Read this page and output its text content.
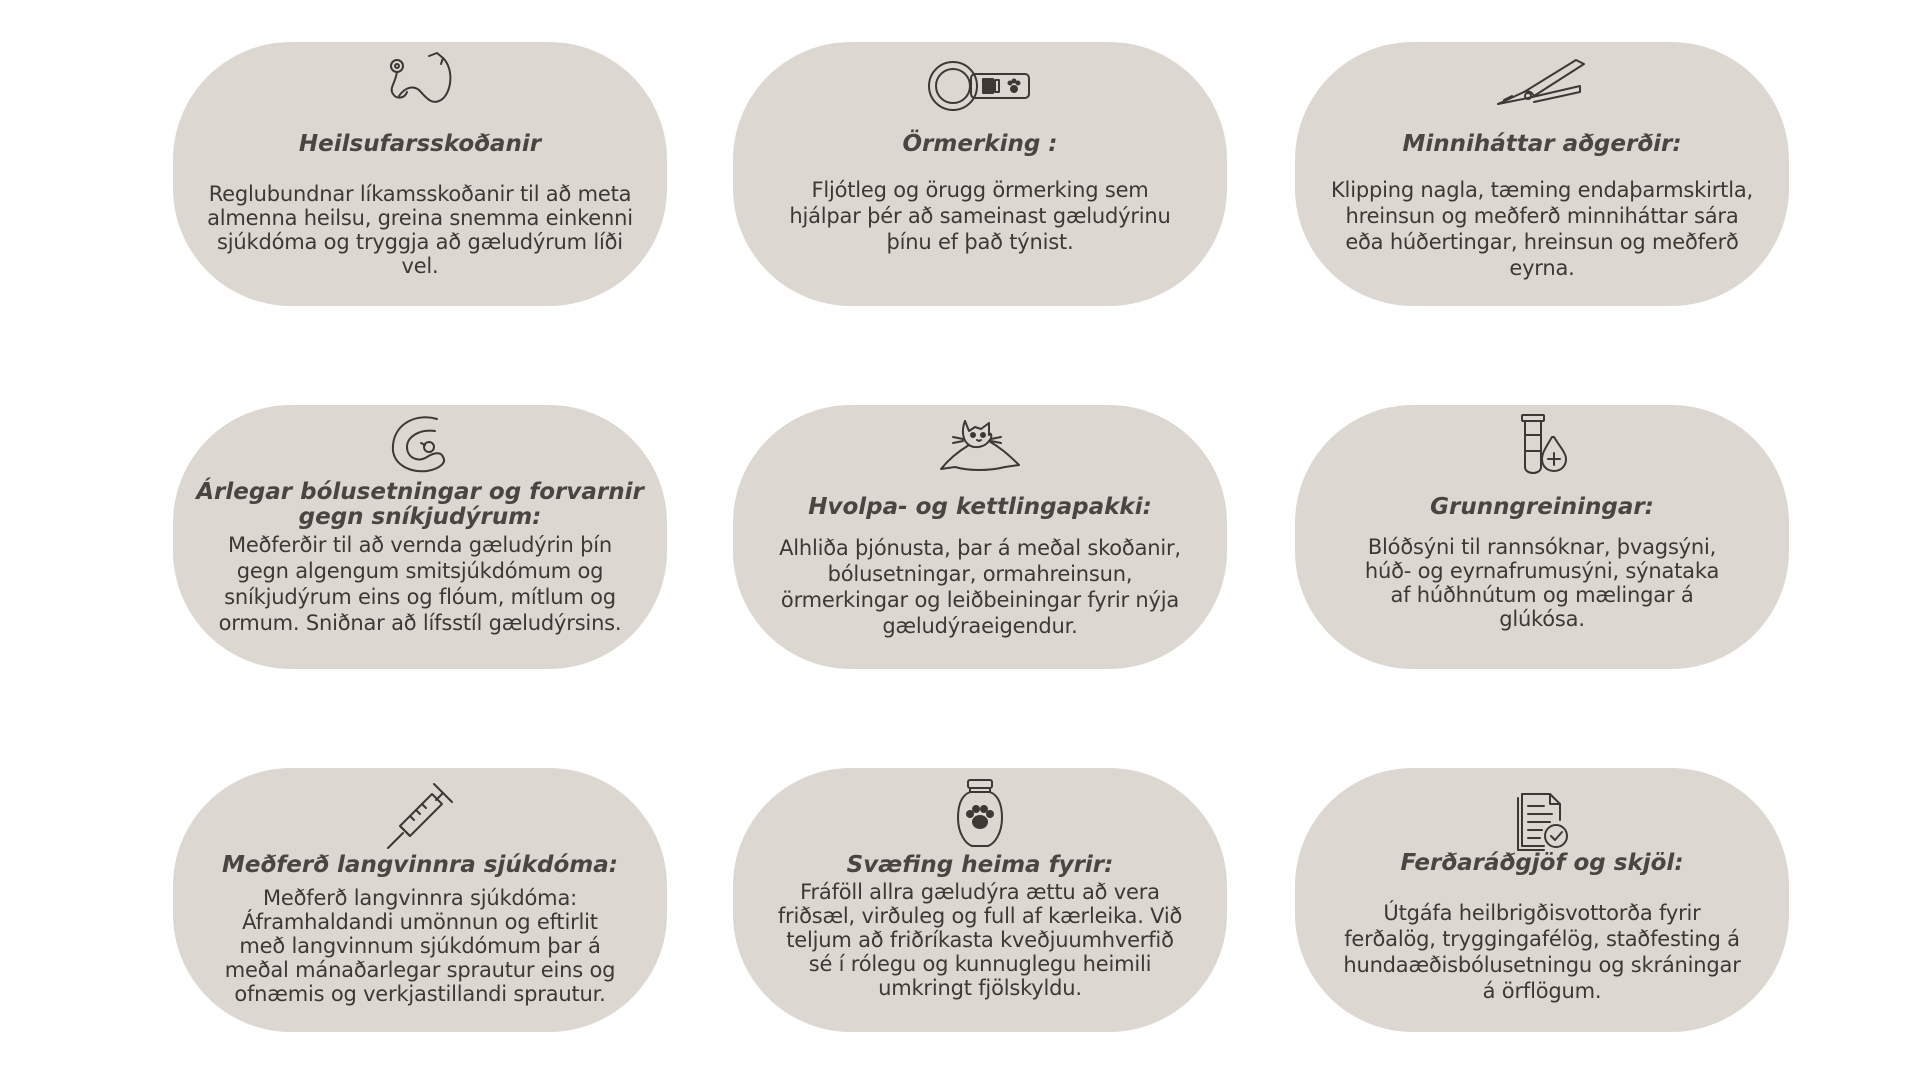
Heilsufarsskoðanir
Reglubundnar líkamsskoðanir til að meta
almenna heilsu, greina snemma einkenni
sjúkdóma og tryggja að gæludýrum líði
vel.
Örmerking :
Fljótleg og örugg örmerking sem
hjálpar þér að sameinast gæludýrinu
þínu ef það týnist.
Minniháttar aðgerðir:
Klipping nagla, tæming endaþarmskirtla,
hreinsun og meðferð minniháttar sára
eða húðertingar, hreinsun og meðferð
eyrna.
Árlegar bólusetningar og forvarnir
gegn sníkjudýrum:
Meðferðir til að vernda gæludýrin þín
gegn algengum smitsjúkdómum og
sníkjudýrum eins og flóum, mítlum og
ormum. Sniðnar að lífsstíl gæludýrsins.
Hvolpa- og kettlingapakki:
Alhliða þjónusta, þar á meðal skoðanir,
bólusetningar, ormahreinsun,
örmerkingar og leiðbeiningar fyrir nýja
gæludýraeigendur.
Grunngreiningar:
Blóðsýni til rannsóknar, þvagsýni,
húð- og eyrnafrumusýni, sýnataka
af húðhnútum og mælingar á
glúkósa.
Meðferð langvinnra sjúkdóma:
Meðferð langvinnra sjúkdóma:
Áframhaldandi umönnun og eftirlit
með langvinnum sjúkdómum þar á
meðal mánaðarlegar sprautur eins og
ofnæmis og verkjastillandi sprautur.
Svæfing heima fyrir:
Fráföll allra gæludýra ættu að vera
friðsæl, virðuleg og full af kærleika. Við
teljum að friðríkasta kveðjuumhverfið
sé í rólegu og kunnuglegu heimili
umkringt fjölskyldu.
Ferðaráðgjöf og skjöl:
Útgáfa heilbrigðisvottorða fyrir
ferðalög, tryggingafélög, staðfesting á
hundaæðisbólusetningu og skráningar
á örflögum.
